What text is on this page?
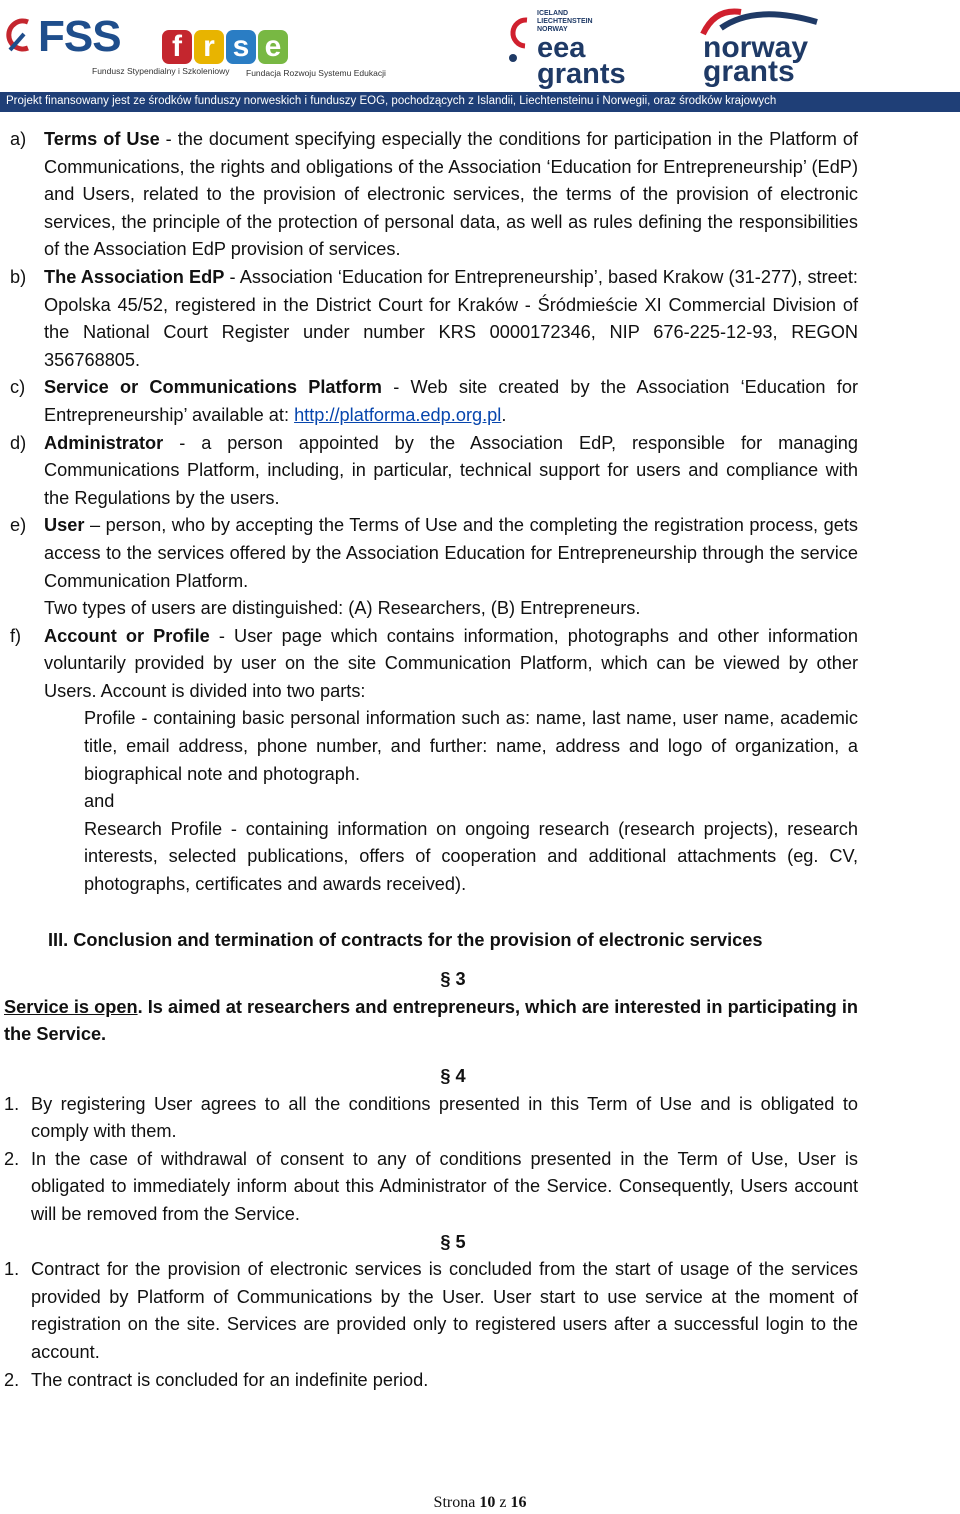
FSS
Fundusz Stypendialny i Szkoleniowy
f r s e
Fundacja Rozwoju Systemu Edukacji
ICELAND
LIECHTENSTEIN
NORWAY
eea
grants
norway
grants
Projekt finansowany jest ze środków funduszy norweskich i funduszy EOG, pochodzących z Islandii, Liechtensteinu i Norwegii, oraz środków krajowych
a) Terms of Use - the document specifying especially the conditions for participation in the Platform of Communications, the rights and obligations of the Association ‘Education for Entrepreneurship’ (EdP) and Users, related to the provision of electronic services, the terms of the provision of electronic services, the principle of the protection of personal data, as well as rules defining the responsibilities of the Association EdP provision of services.
b) The Association EdP - Association ‘Education for Entrepreneurship’, based Krakow (31-277), street: Opolska 45/52, registered in the District Court for Kraków - Śródmieście XI Commercial Division of the National Court Register under number KRS 0000172346, NIP 676-225-12-93, REGON 356768805.
c) Service or Communications Platform - Web site created by the Association ‘Education for Entrepreneurship’ available at: http://platforma.edp.org.pl.
d) Administrator - a person appointed by the Association EdP, responsible for managing Communications Platform, including, in particular, technical support for users and compliance with the Regulations by the users.
e) User – person, who by accepting the Terms of Use and the completing the registration process, gets access to the services offered by the Association Education for Entrepreneurship through the service Communication Platform.
Two types of users are distinguished: (A) Researchers, (B) Entrepreneurs.
f) Account or Profile - User page which contains information, photographs and other information voluntarily provided by user on the site Communication Platform, which can be viewed by other Users. Account is divided into two parts:
Profile - containing basic personal information such as: name, last name, user name, academic title, email address, phone number, and further: name, address and logo of organization, a biographical note and photograph.
and
Research Profile - containing information on ongoing research (research projects), research interests, selected publications, offers of cooperation and additional attachments (eg. CV, photographs, certificates and awards received).
III. Conclusion and termination of contracts for the provision of electronic services
§ 3
Service is open. Is aimed at researchers and entrepreneurs, which are interested in participating in the Service.
§ 4
1. By registering User agrees to all the conditions presented in this Term of Use and is obligated to comply with them.
2. In the case of withdrawal of consent to any of conditions presented in the Term of Use, User is obligated to immediately inform about this Administrator of the Service. Consequently, Users account will be removed from the Service.
§ 5
1. Contract for the provision of electronic services is concluded from the start of usage of the services provided by Platform of Communications by the User. User start to use service at the moment of registration on the site. Services are provided only to registered users after a successful login to the account.
2. The contract is concluded for an indefinite period.
Strona 10 z 16
